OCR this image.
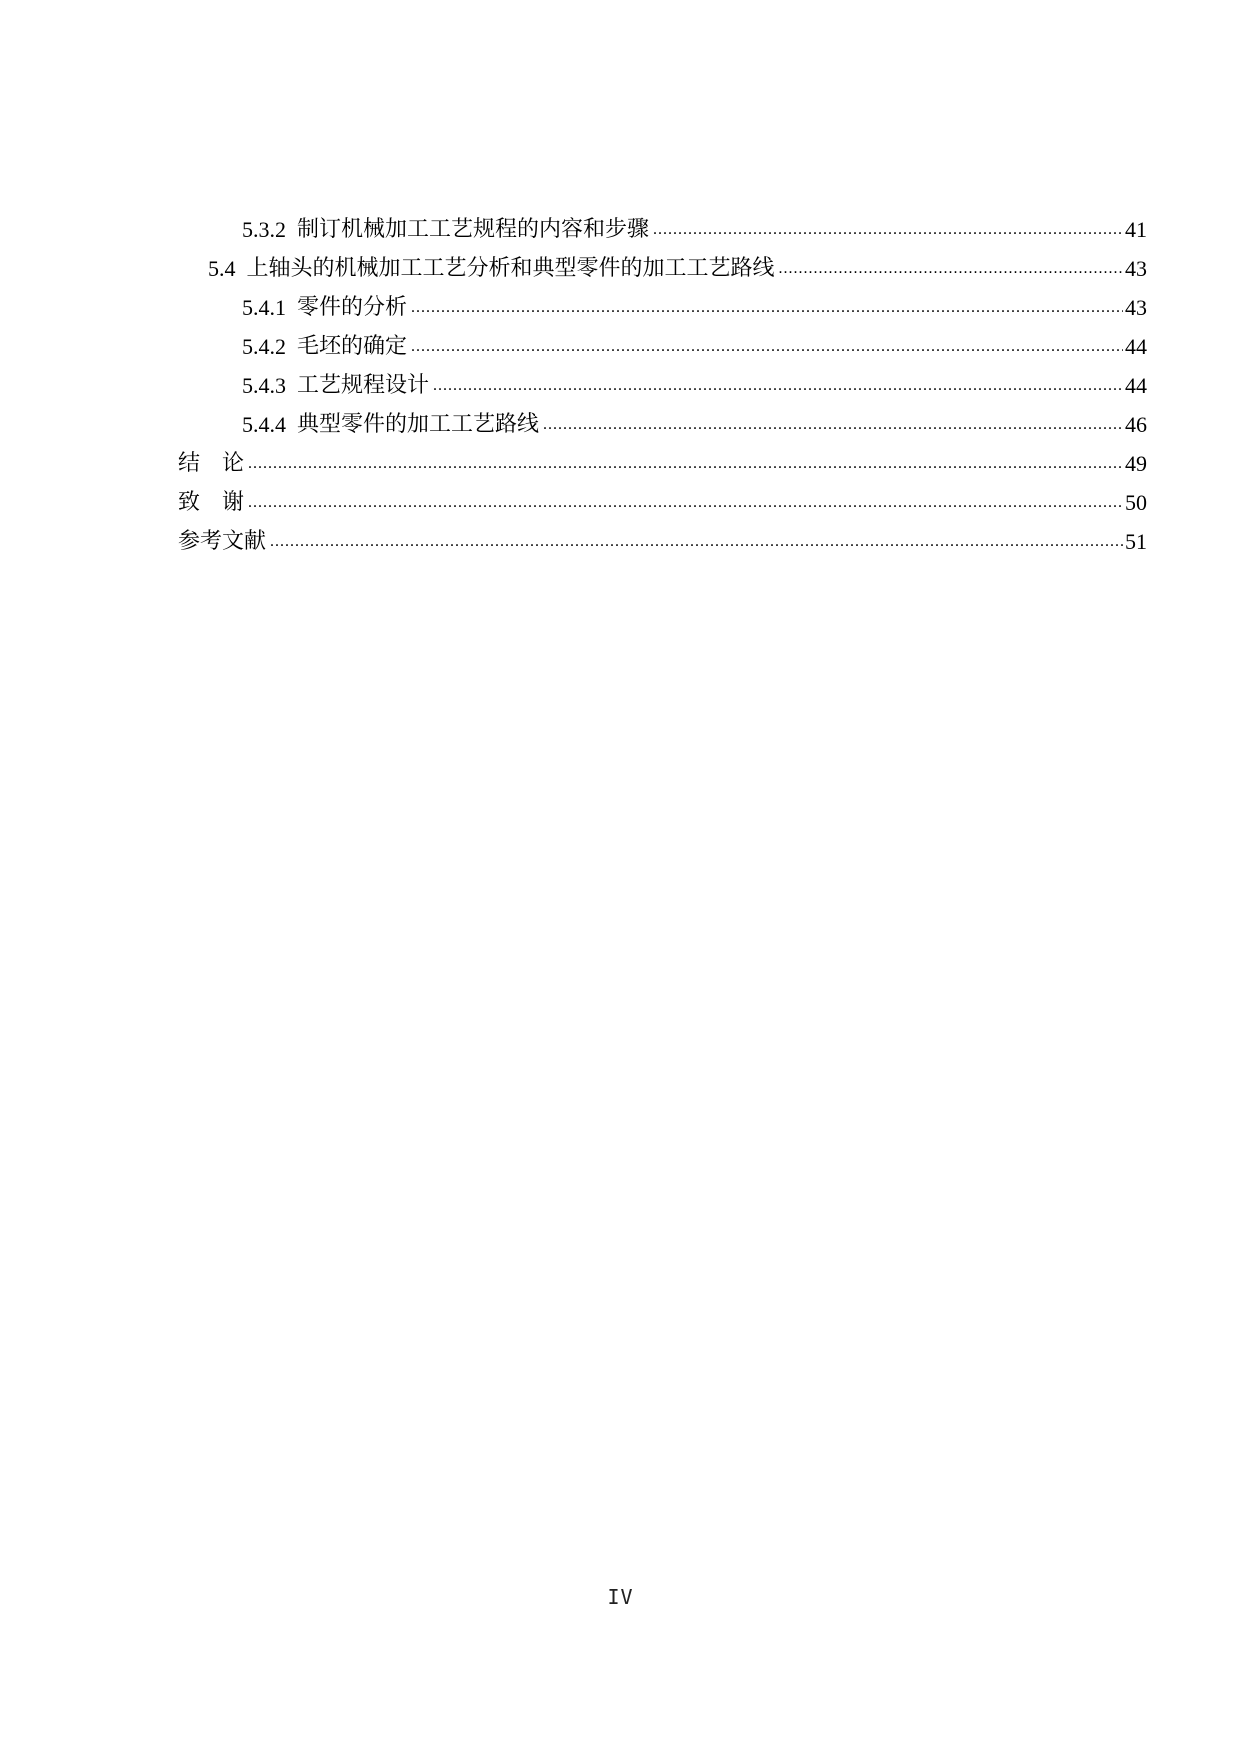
5.3.2 制订机械加工工艺规程的内容和步骤 .....	41
5.4 上轴头的机械加工工艺分析和典型零件的加工工艺路线 .....	43
5.4.1 零件的分析 .....	43
5.4.2 毛坯的确定 .....	44
5.4.3 工艺规程设计 .....	44
5.4.4 典型零件的加工工艺路线 .....	46
结　论 .....	49
致　谢 .....	50
参考文献 .....	51
IV
